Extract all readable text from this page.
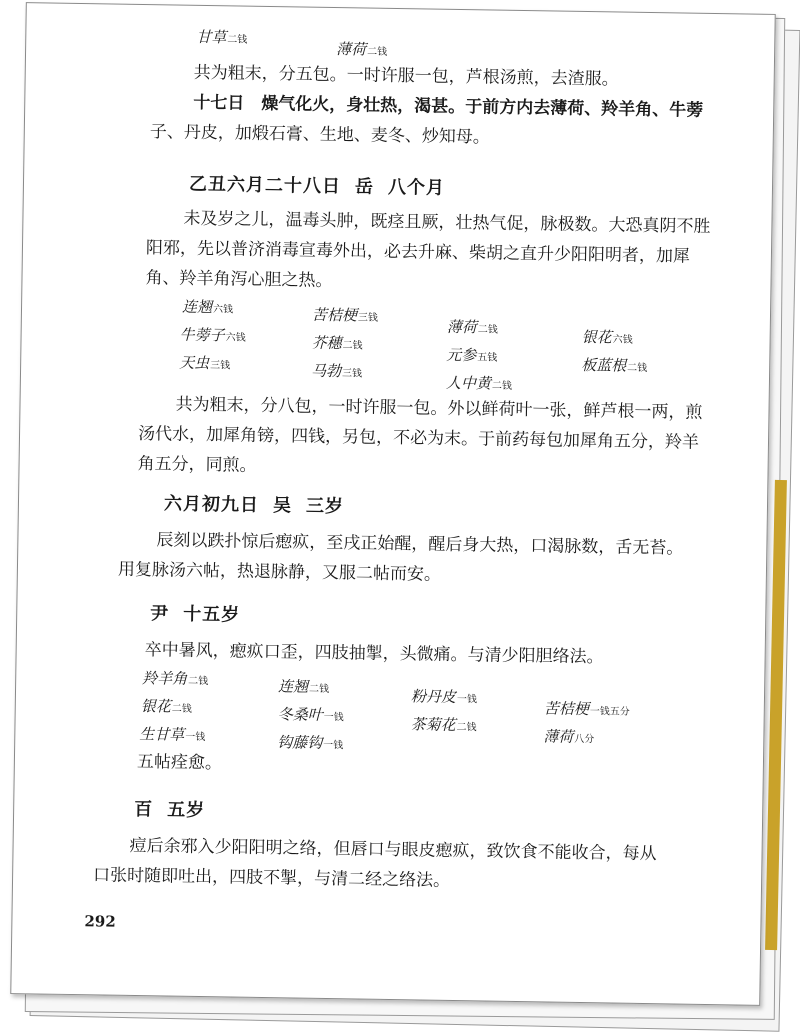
甘草二钱
薄荷二钱
共为粗末，分五包。一时许服一包，芦根汤煎，去渣服。
十七日　燥气化火，身壮热，渴甚。于前方内去薄荷、羚羊角、牛蒡
子、丹皮，加煅石膏、生地、麦冬、炒知母。
乙丑六月二十八日 岳 八个月
未及岁之儿，温毒头肿，既痉且厥，壮热气促，脉极数。大恐真阴不胜
阳邪，先以普济消毒宣毒外出，必去升麻、柴胡之直升少阳阳明者，加犀
角、羚羊角泻心胆之热。
连翘六钱	苦桔梗三钱	薄荷二钱	银花六钱
牛蒡子六钱	芥穗二钱	元参五钱	板蓝根二钱
天虫三钱	马勃三钱	人中黄二钱
共为粗末，分八包，一时许服一包。外以鲜荷叶一张，鲜芦根一两，煎
汤代水，加犀角镑，四钱，另包，不必为末。于前药每包加犀角五分，羚羊
角五分，同煎。
六月初九日 吴 三岁
辰刻以跌扑惊后瘛疭，至戌正始醒，醒后身大热，口渴脉数，舌无苔。
用复脉汤六帖，热退脉静，又服二帖而安。
尹 十五岁
卒中暑风，瘛疭口歪，四肢抽掣，头微痛。与清少阳胆络法。
羚羊角二钱	连翘二钱	粉丹皮一钱	苦桔梗一钱五分
银花二钱	冬桑叶一钱	茶菊花二钱	薄荷八分
生甘草一钱	钩藤钩一钱
五帖痊愈。
百 五岁
痘后余邪入少阳阳明之络，但唇口与眼皮瘛疭，致饮食不能收合，每从
口张时随即吐出，四肢不掣，与清二经之络法。
292
